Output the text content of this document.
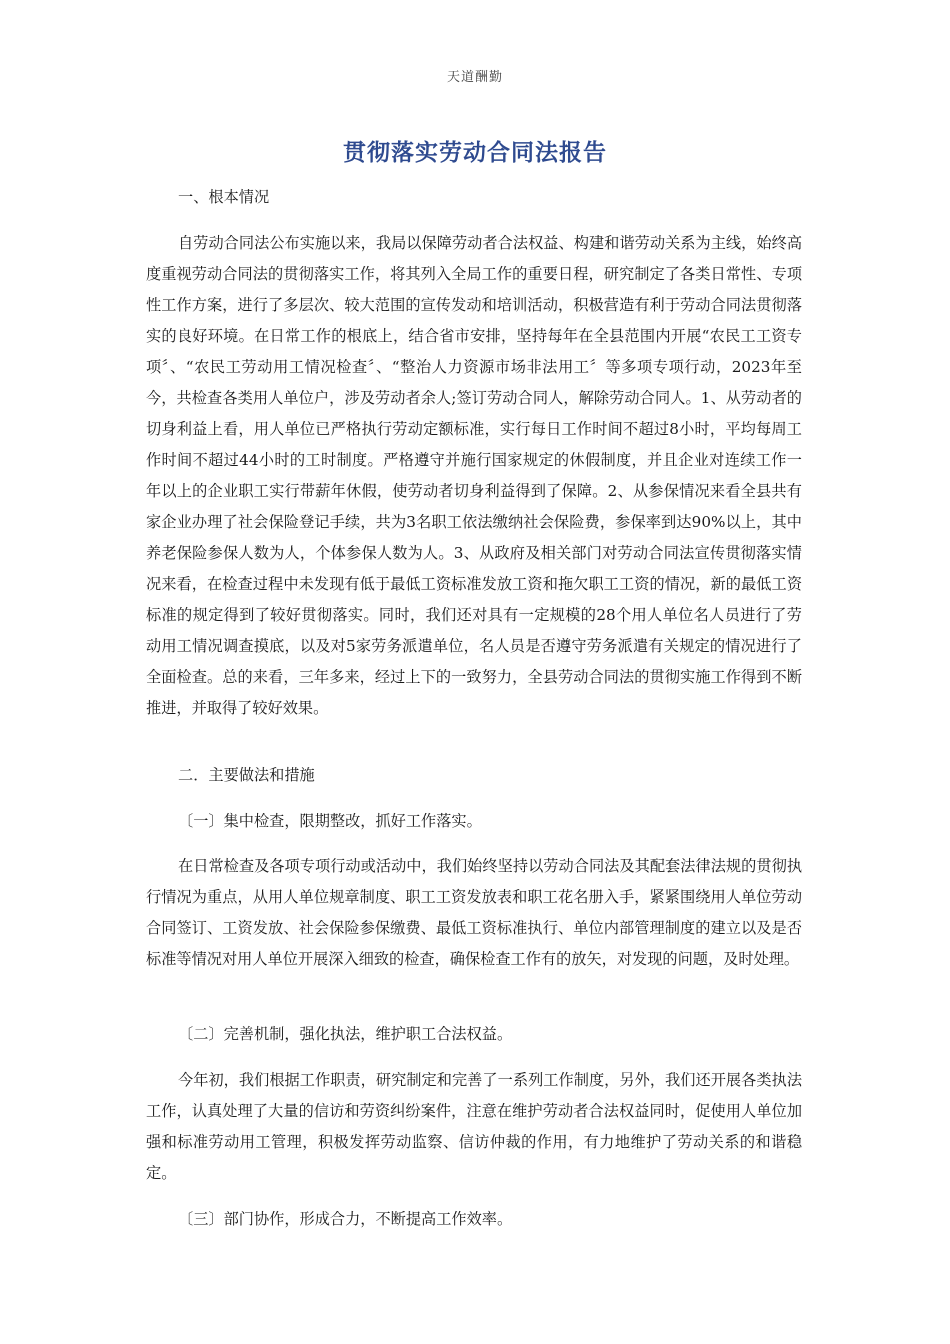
天道酬勤
贯彻落实劳动合同法报告
一、根本情况
自劳动合同法公布实施以来，我局以保障劳动者合法权益、构建和谐劳动关系为主线，始终高度重视劳动合同法的贯彻落实工作，将其列入全局工作的重要日程，研究制定了各类日常性、专项性工作方案，进行了多层次、较大范围的宣传发动和培训活动，积极营造有利于劳动合同法贯彻落实的良好环境。在日常工作的根底上，结合省市安排，坚持每年在全县范围内开展“农民工工资专项〞、“农民工劳动用工情况检查〞、“整治人力资源市场非法用工〞等多项专项行动，2023年至今，共检查各类用人单位户，涉及劳动者余人;签订劳动合同人，解除劳动合同人。1、从劳动者的切身利益上看，用人单位已严格执行劳动定额标准，实行每日工作时间不超过8小时，平均每周工作时间不超过44小时的工时制度。严格遵守并施行国家规定的休假制度，并且企业对连续工作一年以上的企业职工实行带薪年休假，使劳动者切身利益得到了保障。2、从参保情况来看全县共有家企业办理了社会保险登记手续，共为3名职工依法缴纳社会保险费，参保率到达90%以上，其中养老保险参保人数为人，个体参保人数为人。3、从政府及相关部门对劳动合同法宣传贯彻落实情况来看，在检查过程中未发现有低于最低工资标准发放工资和拖欠职工工资的情况，新的最低工资标准的规定得到了较好贯彻落实。同时，我们还对具有一定规模的28个用人单位名人员进行了劳动用工情况调查摸底，以及对5家劳务派遣单位，名人员是否遵守劳务派遣有关规定的情况进行了全面检查。总的来看，三年多来，经过上下的一致努力，全县劳动合同法的贯彻实施工作得到不断推进，并取得了较好效果。
二．主要做法和措施
〔一〕集中检查，限期整改，抓好工作落实。
在日常检查及各项专项行动或活动中，我们始终坚持以劳动合同法及其配套法律法规的贯彻执行情况为重点，从用人单位规章制度、职工工资发放表和职工花名册入手，紧紧围绕用人单位劳动合同签订、工资发放、社会保险参保缴费、最低工资标准执行、单位内部管理制度的建立以及是否标准等情况对用人单位开展深入细致的检查，确保检查工作有的放矢，对发现的问题，及时处理。
〔二〕完善机制，强化执法，维护职工合法权益。
今年初，我们根据工作职责，研究制定和完善了一系列工作制度，另外，我们还开展各类执法工作，认真处理了大量的信访和劳资纠纷案件，注意在维护劳动者合法权益同时，促使用人单位加强和标准劳动用工管理，积极发挥劳动监察、信访仲裁的作用，有力地维护了劳动关系的和谐稳定。
〔三〕部门协作，形成合力，不断提高工作效率。
